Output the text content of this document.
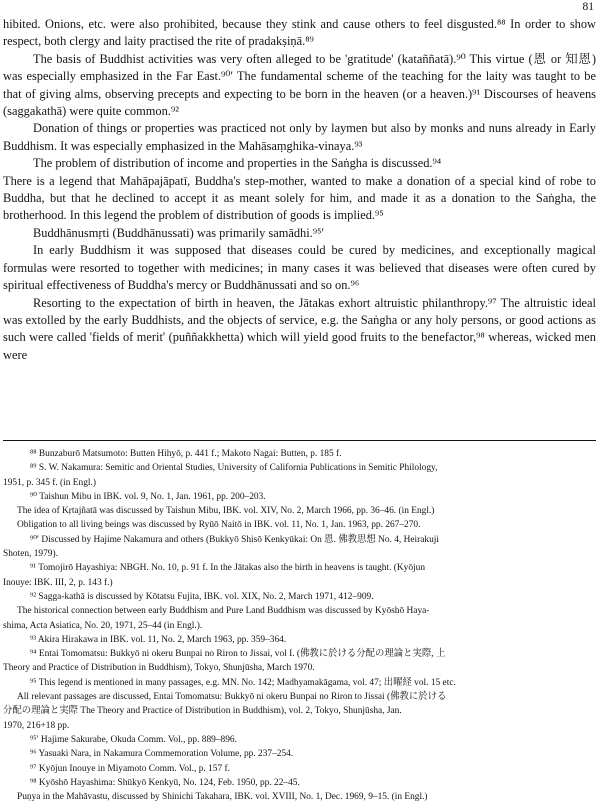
81

hibited. Onions, etc. were also prohibited, because they stink and cause others to feel disgusted.⁸⁸ In order to show respect, both clergy and laity practised the rite of pradakṣiṇā.⁸⁹

The basis of Buddhist activities was very often alleged to be 'gratitude' (kataññatā).⁹⁰ This virtue (恩 or 知恩) was especially emphasized in the Far East.⁹⁰′ The fundamental scheme of the teaching for the laity was taught to be that of giving alms, observing precepts and expecting to be born in the heaven (or a heaven.)⁹¹ Discourses of heavens (saggakathā) were quite common.⁹²

Donation of things or properties was practiced not only by laymen but also by monks and nuns already in Early Buddhism. It was especially emphasized in the Mahāsaṃghika-vinaya.⁹³

The problem of distribution of income and properties in the Saṅgha is discussed.⁹⁴

There is a legend that Mahāpajāpatī, Buddha's step-mother, wanted to make a donation of a special kind of robe to Buddha, but that he declined to accept it as meant solely for him, and made it as a donation to the Saṅgha, the brotherhood. In this legend the problem of distribution of goods is implied.⁹⁵

Buddhānusmṛti (Buddhānussati) was primarily samādhi.⁹⁵′

In early Buddhism it was supposed that diseases could be cured by medicines, and exceptionally magical formulas were resorted to together with medicines; in many cases it was believed that diseases were often cured by spiritual effectiveness of Buddha's mercy or Buddhānussati and so on.⁹⁶

Resorting to the expectation of birth in heaven, the Jātakas exhort altruistic philanthropy.⁹⁷ The altruistic ideal was extolled by the early Buddhists, and the objects of service, e.g. the Saṅgha or any holy persons, or good actions as such were called 'fields of merit' (puññakkhetta) which will yield good fruits to the benefactor,⁹⁸ whereas, wicked men were

⁸⁸ Bunzaburō Matsumoto: Butten Hihyō, p. 441 f.; Makoto Nagai: Butten, p. 185 f.

⁸⁹ S. W. Nakamura: Semitic and Oriental Studies, University of California Publications in Semitic Philology,

1951, p. 345 f. (in Engl.)

⁹⁰ Taishun Mibu in IBK. vol. 9, No. 1, Jan. 1961, pp. 200–203.

The idea of Kṛtajñatā was discussed by Taishun Mibu, IBK. vol. XIV, No. 2, March 1966, pp. 36–46. (in Engl.)

Obligation to all living beings was discussed by Ryūō Naitō in IBK. vol. 11, No. 1, Jan. 1963, pp. 267–270.

⁹⁰′ Discussed by Hajime Nakamura and others (Bukkyō Shisō Kenkyūkai: On 恩. 佛教思想 No. 4, Heirakuji

Shoten, 1979).

⁹¹ Tomojirō Hayashiya: NBGH. No. 10, p. 91 f. In the Jātakas also the birth in heavens is taught. (Kyōjun

Inouye: IBK. III, 2, p. 143 f.)

⁹² Sagga-kathā is discussed by Kōtatsu Fujita, IBK. vol. XIX, No. 2, March 1971, 412–909.

The historical connection between early Buddhism and Pure Land Buddhism was discussed by Kyōshō Haya-

shima, Acta Asiatica, No. 20, 1971, 25–44 (in Engl.).

⁹³ Akira Hirakawa in IBK. vol. 11, No. 2, March 1963, pp. 359–364.

⁹⁴ Entai Tomomatsu: Bukkyō ni okeru Bunpai no Riron to Jissai, vol I. (佛教に於ける分配の理論と実際, 上

Theory and Practice of Distribution in Buddhism), Tokyo, Shunjūsha, March 1970.

⁹⁵ This legend is mentioned in many passages, e.g. MN. No. 142; Madhyamakāgama, vol. 47; 出曜経 vol. 15 etc.

All relevant passages are discussed, Entai Tomomatsu: Bukkyō ni okeru Bunpai no Riron to Jissai (佛教に於ける

分配の理論と実際 The Theory and Practice of Distribution in Buddhism), vol. 2, Tokyo, Shunjūsha, Jan.

1970, 216+18 pp.

⁹⁵′ Hajime Sakurabe, Okuda Comm. Vol., pp. 889–896.

⁹⁶ Yasuaki Nara, in Nakamura Commemoration Volume, pp. 237–254.

⁹⁷ Kyōjun Inouye in Miyamoto Comm. Vol., p. 157 f.

⁹⁸ Kyōshō Hayashima: Shūkyō Kenkyū, No. 124, Feb. 1950, pp. 22–45.

Puṇya in the Mahāvastu, discussed by Shinichi Takahara, IBK. vol. XVIII, No. 1, Dec. 1969, 9–15. (in Engl.)
